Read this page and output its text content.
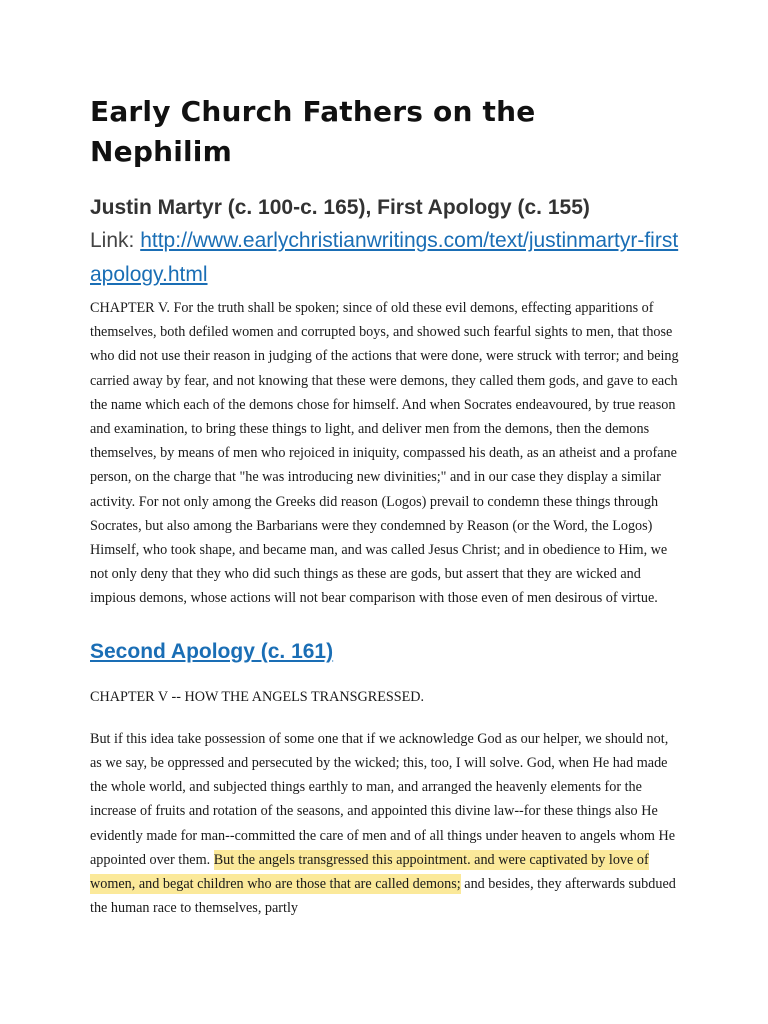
Early Church Fathers on the Nephilim
Justin Martyr (c. 100-c. 165), First Apology (c. 155)
Link: http://www.earlychristianwritings.com/text/justinmartyr-firstapology.html

CHAPTER V. For the truth shall be spoken; since of old these evil demons, effecting apparitions of themselves, both defiled women and corrupted boys, and showed such fearful sights to men, that those who did not use their reason in judging of the actions that were done, were struck with terror; and being carried away by fear, and not knowing that these were demons, they called them gods, and gave to each the name which each of the demons chose for himself. And when Socrates endeavoured, by true reason and examination, to bring these things to light, and deliver men from the demons, then the demons themselves, by means of men who rejoiced in iniquity, compassed his death, as an atheist and a profane person, on the charge that "he was introducing new divinities;" and in our case they display a similar activity. For not only among the Greeks did reason (Logos) prevail to condemn these things through Socrates, but also among the Barbarians were they condemned by Reason (or the Word, the Logos) Himself, who took shape, and became man, and was called Jesus Christ; and in obedience to Him, we not only deny that they who did such things as these are gods, but assert that they are wicked and impious demons, whose actions will not bear comparison with those even of men desirous of virtue.

Second Apology (c. 161)

CHAPTER V -- HOW THE ANGELS TRANSGRESSED.

But if this idea take possession of some one that if we acknowledge God as our helper, we should not, as we say, be oppressed and persecuted by the wicked; this, too, I will solve. God, when He had made the whole world, and subjected things earthly to man, and arranged the heavenly elements for the increase of fruits and rotation of the seasons, and appointed this divine law--for these things also He evidently made for man--committed the care of men and of all things under heaven to angels whom He appointed over them. But the angels transgressed this appointment. and were captivated by love of women, and begat children who are those that are called demons; and besides, they afterwards subdued the human race to themselves, partly
